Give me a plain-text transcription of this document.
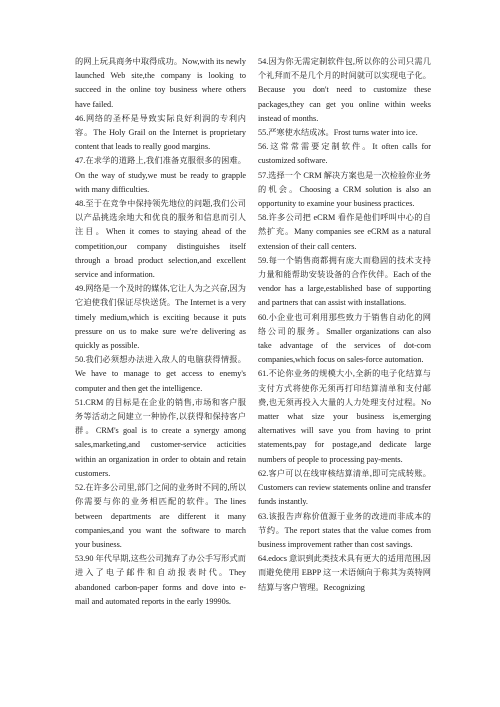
的网上玩具商务中取得成功。Now,with its newly launched Web site,the company is looking to succeed in the online toy business where others have failed.

46.网络的圣杯是导致实际良好利润的专利内容。The Holy Grail on the Internet is proprietary content that leads to really good margins.

47.在求学的道路上,我们准备克服很多的困难。On the way of study,we must be ready to grapple with many difficulties.

48.至于在竞争中保持领先地位的问题,我们公司以产品挑选余地大和优良的服务和信息而引人注目。When it comes to staying ahead of the competition,our company distinguishes itself through a broad product selection,and excellent service and information.

49.网络是一个及时的媒体,它让人为之兴奋,因为它迫使我们保证尽快送货。The Internet is a very timely medium,which is exciting because it puts pressure on us to make sure we're delivering as quickly as possible.

50.我们必须想办法进入敌人的电脑获得情报。We have to manage to get access to enemy's computer and then get the intelligence.

51.CRM 的目标是在企业的销售,市场和客户服务等活动之间建立一种协作,以获得和保持客户群。CRM's goal is to create a synergy among sales,marketing,and customer-service acticities within an organization in order to obtain and retain customers.

52.在许多公司里,部门之间的业务时不同的,所以你需要与你的业务相匹配的软件。The lines between departments are different it many companies,and you want the software to march your business.

53.90 年代早期,这些公司抛弃了办公手写形式而进入了电子邮件和自动报表时代。They abandoned carbon-paper forms and dove into e-mail and automated reports in the early 19990s.

54.因为你无需定制软件包,所以你的公司只需几个礼拜而不是几个月的时间就可以实现电子化。Because you don't need to customize these packages,they can get you online within weeks instead of months.

55.严寒使水结成冰。Frost turns water into ice.

56.这常常需要定制软件。It often calls for customized software.

57.选择一个 CRM 解决方案也是一次检验你业务的机会。Choosing a CRM solution is also an opportunity to examine your business practices.

58.许多公司把 eCRM 看作是他们呼叫中心的自然扩充。Many companies see eCRM as a natural extension of their call centers.

59.每一个销售商都拥有庞大而稳固的技术支持力量和能帮助安装设备的合作伙伴。Each of the vendor has a large,established base of supporting and partners that can assist with installations.

60.小企业也可利用那些致力于销售自动化的网络公司的服务。Smaller organizations can also take advantage of the services of dot-com companies,which focus on sales-force automation.

61.不论你业务的规模大小,全新的电子化结算与支付方式将使你无须再打印结算清单和支付邮费,也无须再投入大量的人力处理支付过程。No matter what size your business is,emerging alternatives will save you from having to print statements,pay for postage,and dedicate large numbers of people to processing pay-ments.

62.客户可以在线审核结算清单,即可完成转账。Customers can review statements online and transfer funds instantly.

63.该报告声称价值源于业务的改进而非成本的节约。The report states that the value comes from business improvement rather than cost savings.

64.edocs 意识到此类技术具有更大的适用范围,因而避免使用 EBPP 这一术语倾向于称其为英特网结算与客户管理。Recognizing
